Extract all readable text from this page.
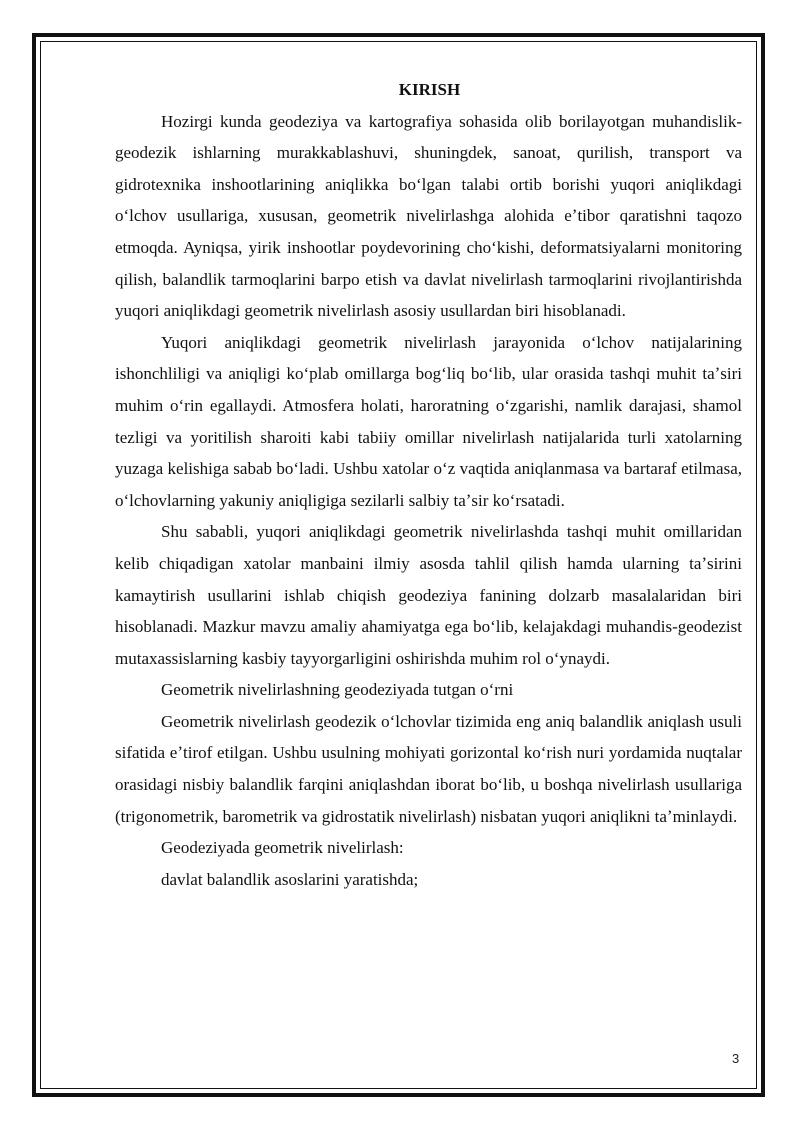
KIRISH

Hozirgi kunda geodeziya va kartografiya sohasida olib borilayotgan muhandislik-geodezik ishlarning murakkablashuvi, shuningdek, sanoat, qurilish, transport va gidrotexnika inshootlarining aniqlikka boʻlgan talabi ortib borishi yuqori aniqlikdagi oʻlchov usullariga, xususan, geometrik nivelirlashga alohida eʼtibor qaratishni taqozo etmoqda. Ayniqsa, yirik inshootlar poydevorining choʻkishi, deformatsiyalarni monitoring qilish, balandlik tarmoqlarini barpo etish va davlat nivelirlash tarmoqlarini rivojlantirishda yuqori aniqlikdagi geometrik nivelirlash asosiy usullardan biri hisoblanadi.

Yuqori aniqlikdagi geometrik nivelirlash jarayonida oʻlchov natijalarining ishonchliligi va aniqligi koʻplab omillarga bogʻliq boʻlib, ular orasida tashqi muhit taʼsiri muhim oʻrin egallaydi. Atmosfera holati, haroratning oʻzgarishi, namlik darajasi, shamol tezligi va yoritilish sharoiti kabi tabiiy omillar nivelirlash natijalarida turli xatolarning yuzaga kelishiga sabab boʻladi. Ushbu xatolar oʻz vaqtida aniqlanmasa va bartaraf etilmasa, oʻlchovlarning yakuniy aniqligiga sezilarli salbiy taʼsir koʻrsatadi.

Shu sababli, yuqori aniqlikdagi geometrik nivelirlashda tashqi muhit omillaridan kelib chiqadigan xatolar manbaini ilmiy asosda tahlil qilish hamda ularning taʼsirini kamaytirish usullarini ishlab chiqish geodeziya fanining dolzarb masalalaridan biri hisoblanadi. Mazkur mavzu amaliy ahamiyatga ega boʻlib, kelajakdagi muhandis-geodezist mutaxassislarning kasbiy tayyorgarligini oshirishda muhim rol oʻynaydi.

Geometrik nivelirlashning geodeziyada tutgan oʻrni

Geometrik nivelirlash geodezik oʻlchovlar tizimida eng aniq balandlik aniqlash usuli sifatida eʼtirof etilgan. Ushbu usulning mohiyati gorizontal koʻrish nuri yordamida nuqtalar orasidagi nisbiy balandlik farqini aniqlashdan iborat boʻlib, u boshqa nivelirlash usullariga (trigonometrik, barometrik va gidrostatik nivelirlash) nisbatan yuqori aniqlikni taʼminlaydi.

Geodeziyada geometrik nivelirlash:

davlat balandlik asoslarini yaratishda;

3
